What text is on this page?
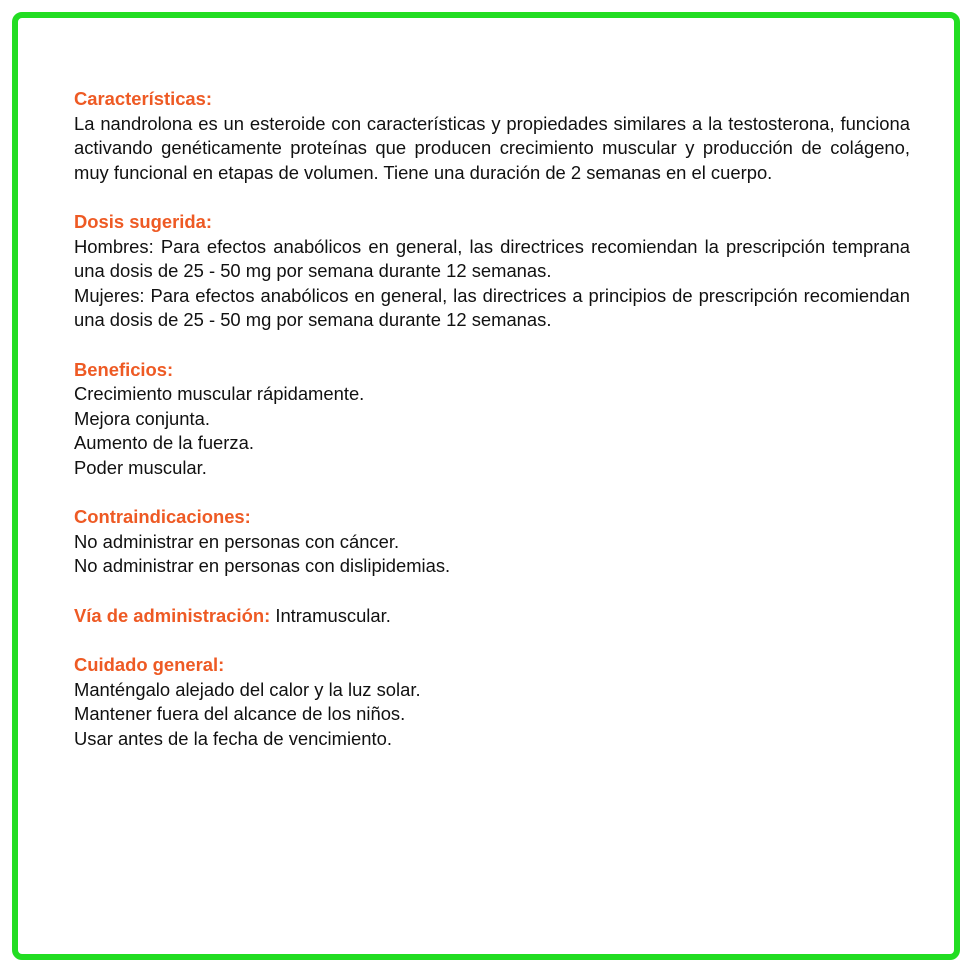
Características:

La nandrolona es un esteroide con características y propiedades similares a la testosterona, funciona activando genéticamente proteínas que producen crecimiento muscular y producción de colágeno, muy funcional en etapas de volumen. Tiene una duración de 2 semanas en el cuerpo.

Dosis sugerida:

Hombres: Para efectos anabólicos en general, las directrices recomiendan la prescripción temprana una dosis de 25 - 50 mg por semana durante 12 semanas.

Mujeres: Para efectos anabólicos en general, las directrices a principios de prescripción recomiendan una dosis de 25 - 50 mg por semana durante 12 semanas.

Beneficios:
Crecimiento muscular rápidamente.
Mejora conjunta.
Aumento de la fuerza.
Poder muscular.
Contraindicaciones:
No administrar en personas con cáncer.
No administrar en personas con dislipidemias.
Vía de administración: Intramuscular.
Cuidado general:
Manténgalo alejado del calor y la luz solar.
Mantener fuera del alcance de los niños.
Usar antes de la fecha de vencimiento.
